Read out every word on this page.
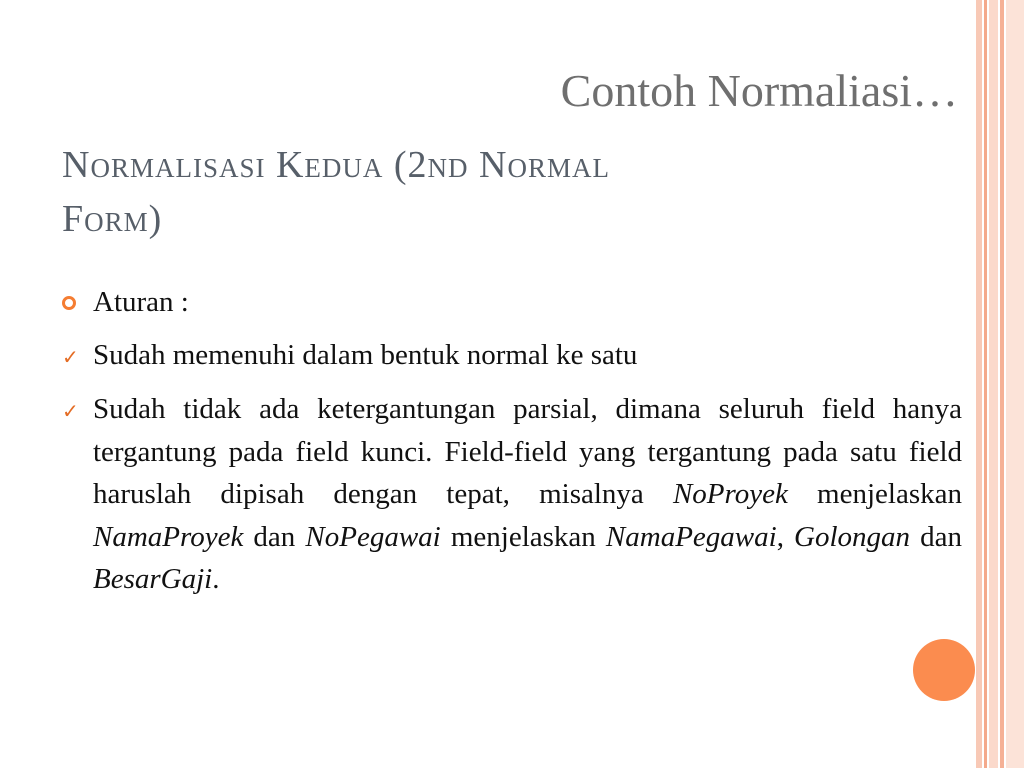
Contoh Normaliasi…
Normalisasi Kedua (2nd Normal
Form)
Aturan :
✓ Sudah memenuhi dalam bentuk normal ke satu
✓ Sudah tidak ada ketergantungan parsial, dimana seluruh field hanya tergantung pada field kunci. Field-field yang tergantung pada satu field haruslah dipisah dengan tepat, misalnya NoProyek menjelaskan NamaProyek dan NoPegawai menjelaskan NamaPegawai, Golongan dan BesarGaji.
